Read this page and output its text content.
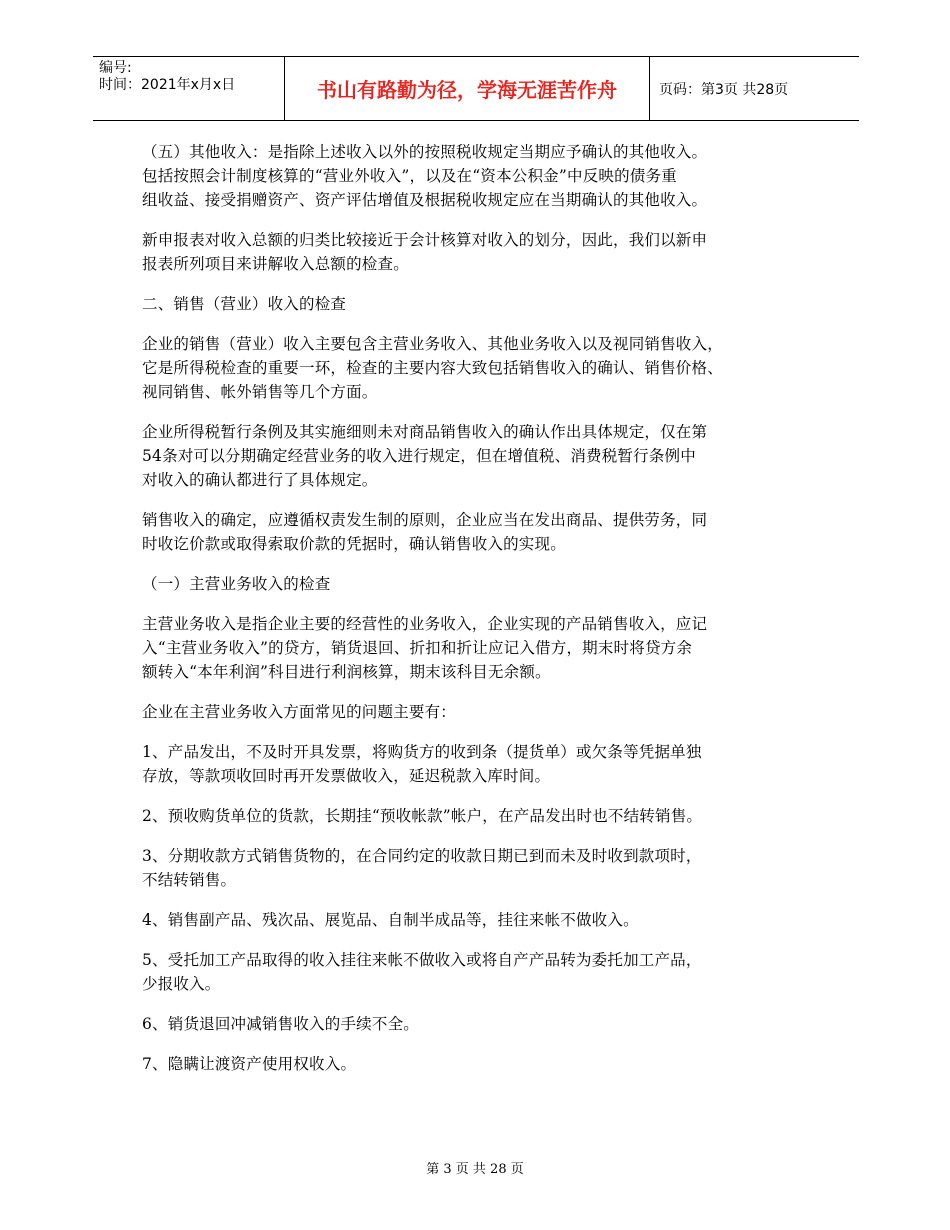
编号:
时间：2021年x月x日	书山有路勤为径，学海无涯苦作舟	页码：第3页 共28页

（五）其他收入：是指除上述收入以外的按照税收规定当期应予确认的其他收入。
包括按照会计制度核算的“营业外收入”，以及在“资本公积金”中反映的债务重
组收益、接受捐赠资产、资产评估增值及根据税收规定应在当期确认的其他收入。

新申报表对收入总额的归类比较接近于会计核算对收入的划分，因此，我们以新申
报表所列项目来讲解收入总额的检查。

二、销售（营业）收入的检查

企业的销售（营业）收入主要包含主营业务收入、其他业务收入以及视同销售收入，
它是所得税检查的重要一环，检查的主要内容大致包括销售收入的确认、销售价格、
视同销售、帐外销售等几个方面。

企业所得税暂行条例及其实施细则未对商品销售收入的确认作出具体规定，仅在第
54条对可以分期确定经营业务的收入进行规定，但在增值税、消费税暂行条例中
对收入的确认都进行了具体规定。

销售收入的确定，应遵循权责发生制的原则，企业应当在发出商品、提供劳务，同
时收讫价款或取得索取价款的凭据时，确认销售收入的实现。

（一）主营业务收入的检查

主营业务收入是指企业主要的经营性的业务收入，企业实现的产品销售收入，应记
入“主营业务收入”的贷方，销货退回、折扣和折让应记入借方，期末时将贷方余
额转入“本年利润”科目进行利润核算，期末该科目无余额。

企业在主营业务收入方面常见的问题主要有：

1、产品发出，不及时开具发票，将购货方的收到条（提货单）或欠条等凭据单独
存放，等款项收回时再开发票做收入，延迟税款入库时间。

2、预收购货单位的货款，长期挂“预收帐款”帐户，在产品发出时也不结转销售。

3、分期收款方式销售货物的，在合同约定的收款日期已到而未及时收到款项时，
不结转销售。

4、销售副产品、残次品、展览品、自制半成品等，挂往来帐不做收入。

5、受托加工产品取得的收入挂往来帐不做收入或将自产产品转为委托加工产品，
少报收入。

6、销货退回冲减销售收入的手续不全。

7、隐瞒让渡资产使用权收入。

第 3 页 共 28 页
